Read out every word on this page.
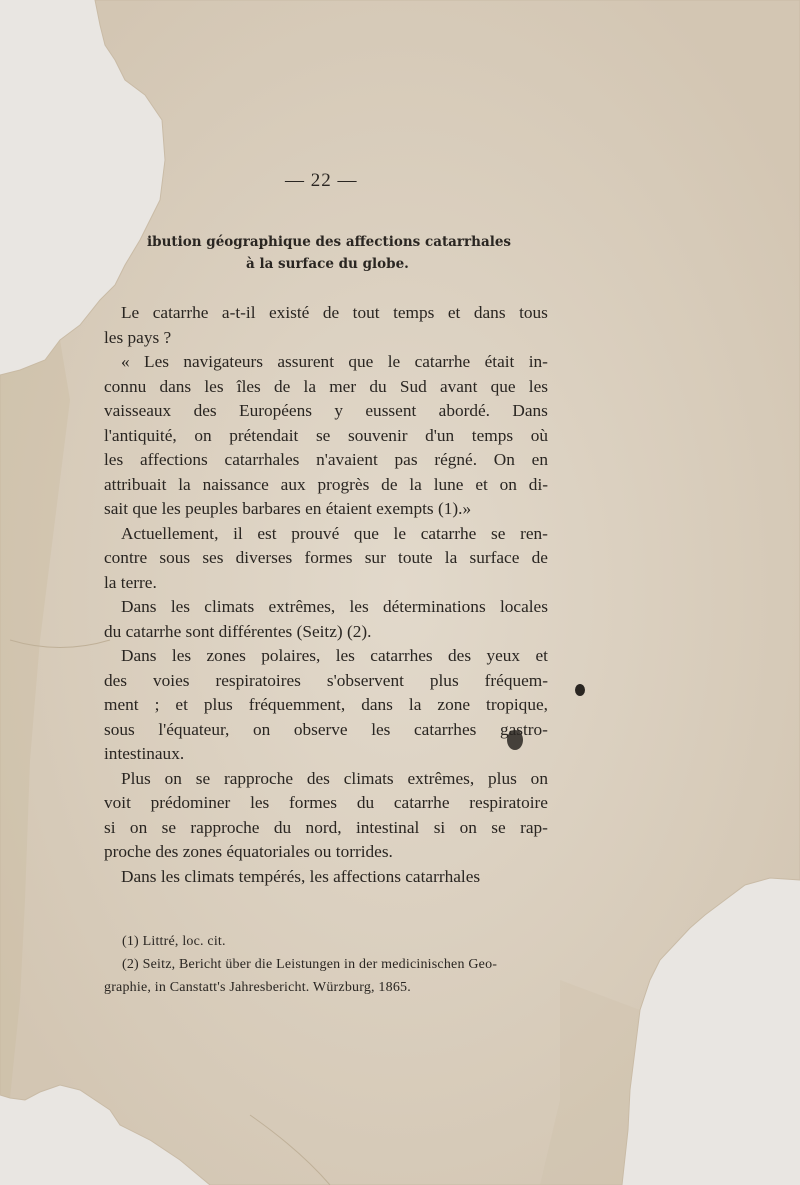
— 22 —
ibution géographique des affections catarrhales
à la surface du globe.
Le catarrhe a-t-il existé de tout temps et dans tous
les pays ?
« Les navigateurs assurent que le catarrhe était in-
connu dans les îles de la mer du Sud avant que les
vaisseaux des Européens y eussent abordé. Dans
l'antiquité, on prétendait se souvenir d'un temps où
les affections catarrhales n'avaient pas régné. On en
attribuait la naissance aux progrès de la lune et on di-
sait que les peuples barbares en étaient exempts (1).»
Actuellement, il est prouvé que le catarrhe se ren-
contre sous ses diverses formes sur toute la surface de
la terre.
Dans les climats extrêmes, les déterminations locales
du catarrhe sont différentes (Seitz) (2).
Dans les zones polaires, les catarrhes des yeux et
des voies respiratoires s'observent plus fréquem-
ment ; et plus fréquemment, dans la zone tropique,
sous l'équateur, on observe les catarrhes gastro-
intestinaux.
Plus on se rapproche des climats extrêmes, plus on
voit prédominer les formes du catarrhe respiratoire
si on se rapproche du nord, intestinal si on se rap-
proche des zones équatoriales ou torrides.
Dans les climats tempérés, les affections catarrhales
(1) Littré, loc. cit.
(2) Seitz, Bericht über die Leistungen in der medicinischen Geo-
graphie, in Canstatt's Jahresbericht. Würzburg, 1865.
